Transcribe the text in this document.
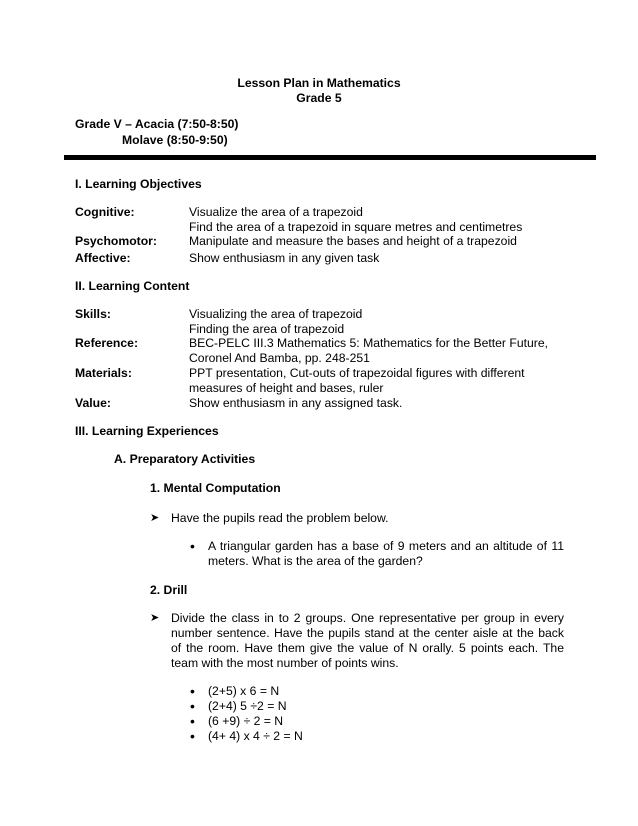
Lesson Plan in Mathematics
Grade 5
Grade V – Acacia (7:50-8:50)
Molave (8:50-9:50)
I. Learning Objectives
Cognitive:	Visualize the area of a trapezoid
Find the area of a trapezoid in square metres and centimetres
Psychomotor:	Manipulate and measure the bases and height of a trapezoid
Affective:	Show enthusiasm in any given task
II. Learning Content
Skills:	Visualizing the area of trapezoid
Finding the area of trapezoid
Reference:	BEC-PELC III.3 Mathematics 5: Mathematics for the Better Future,
Coronel And Bamba, pp. 248-251
Materials:	PPT presentation, Cut-outs of trapezoidal figures with different
measures of height and bases, ruler
Value:	Show enthusiasm in any assigned task.
III. Learning Experiences
A. Preparatory Activities
1. Mental Computation
➤ Have the pupils read the problem below.
• A triangular garden has a base of 9 meters and an altitude of 11 meters. What is the area of the garden?
2. Drill
➤ Divide the class in to 2 groups. One representative per group in every number sentence. Have the pupils stand at the center aisle at the back of the room. Have them give the value of N orally. 5 points each. The team with the most number of points wins.
• (2+5) x 6 = N
• (2+4) 5 ÷2 = N
• (6 +9) ÷ 2 = N
• (4+ 4) x 4 ÷ 2 = N
